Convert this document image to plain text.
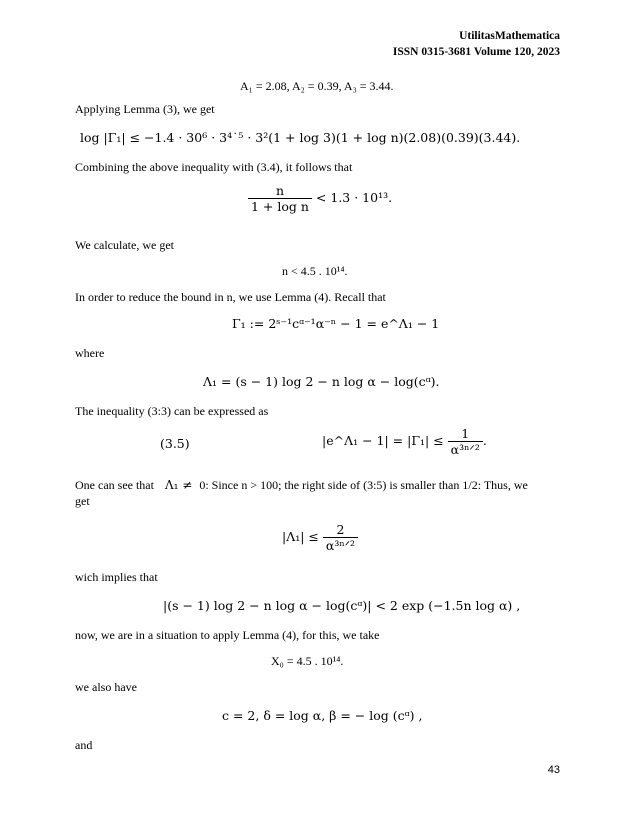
UtilitasMathematica
ISSN 0315-3681 Volume 120, 2023
A₁ = 2.08, A₂ = 0.39, A₃ = 3.44.
Applying Lemma (3), we get
log |Γ₁| ≤ −1.4 · 30⁶ · 3⁴˙⁵ · 3²(1 + log 3)(1 + log n)(2.08)(0.39)(3.44).
Combining the above inequality with (3.4), it follows that
$\frac{n}{\text{1 + log n}} < 1.3 \cdot 10^{13}$.
We calculate, we get
n < 4.5 . 10¹⁴.
In order to reduce the bound in n, we use Lemma (4). Recall that
Γ₁ := 2ˢ⁻¹cᵅ⁻¹α⁻ⁿ − 1 = e^Λ₁ − 1
where
Λ₁ = (s − 1) log 2 − n log α − log(cᵅ).
The inequality (3:3) can be expressed as
(3.5)	|e^Λ₁ − $1| = |\Gamma_1| \le \frac{1}{\text{α³ⁿᐟ²}}$ .
One can see that Λ₁ ≠ 0: Since n > 100; the right side of (3:5) is smaller than 1/2: Thus, we
get
$|\Lambda_1| \le \frac{2}{\text{α³ⁿᐟ²}}$
wich implies that
|(s − 1) log 2 − n log α − log(cᵅ)| < 2 exp (−1.5n log α) ,
now, we are in a situation to apply Lemma (4), for this, we take
X₀ = 4.5 . 10¹⁴.
we also have
c = 2, δ = log α, β = − log (cᵅ) ,
and
43
